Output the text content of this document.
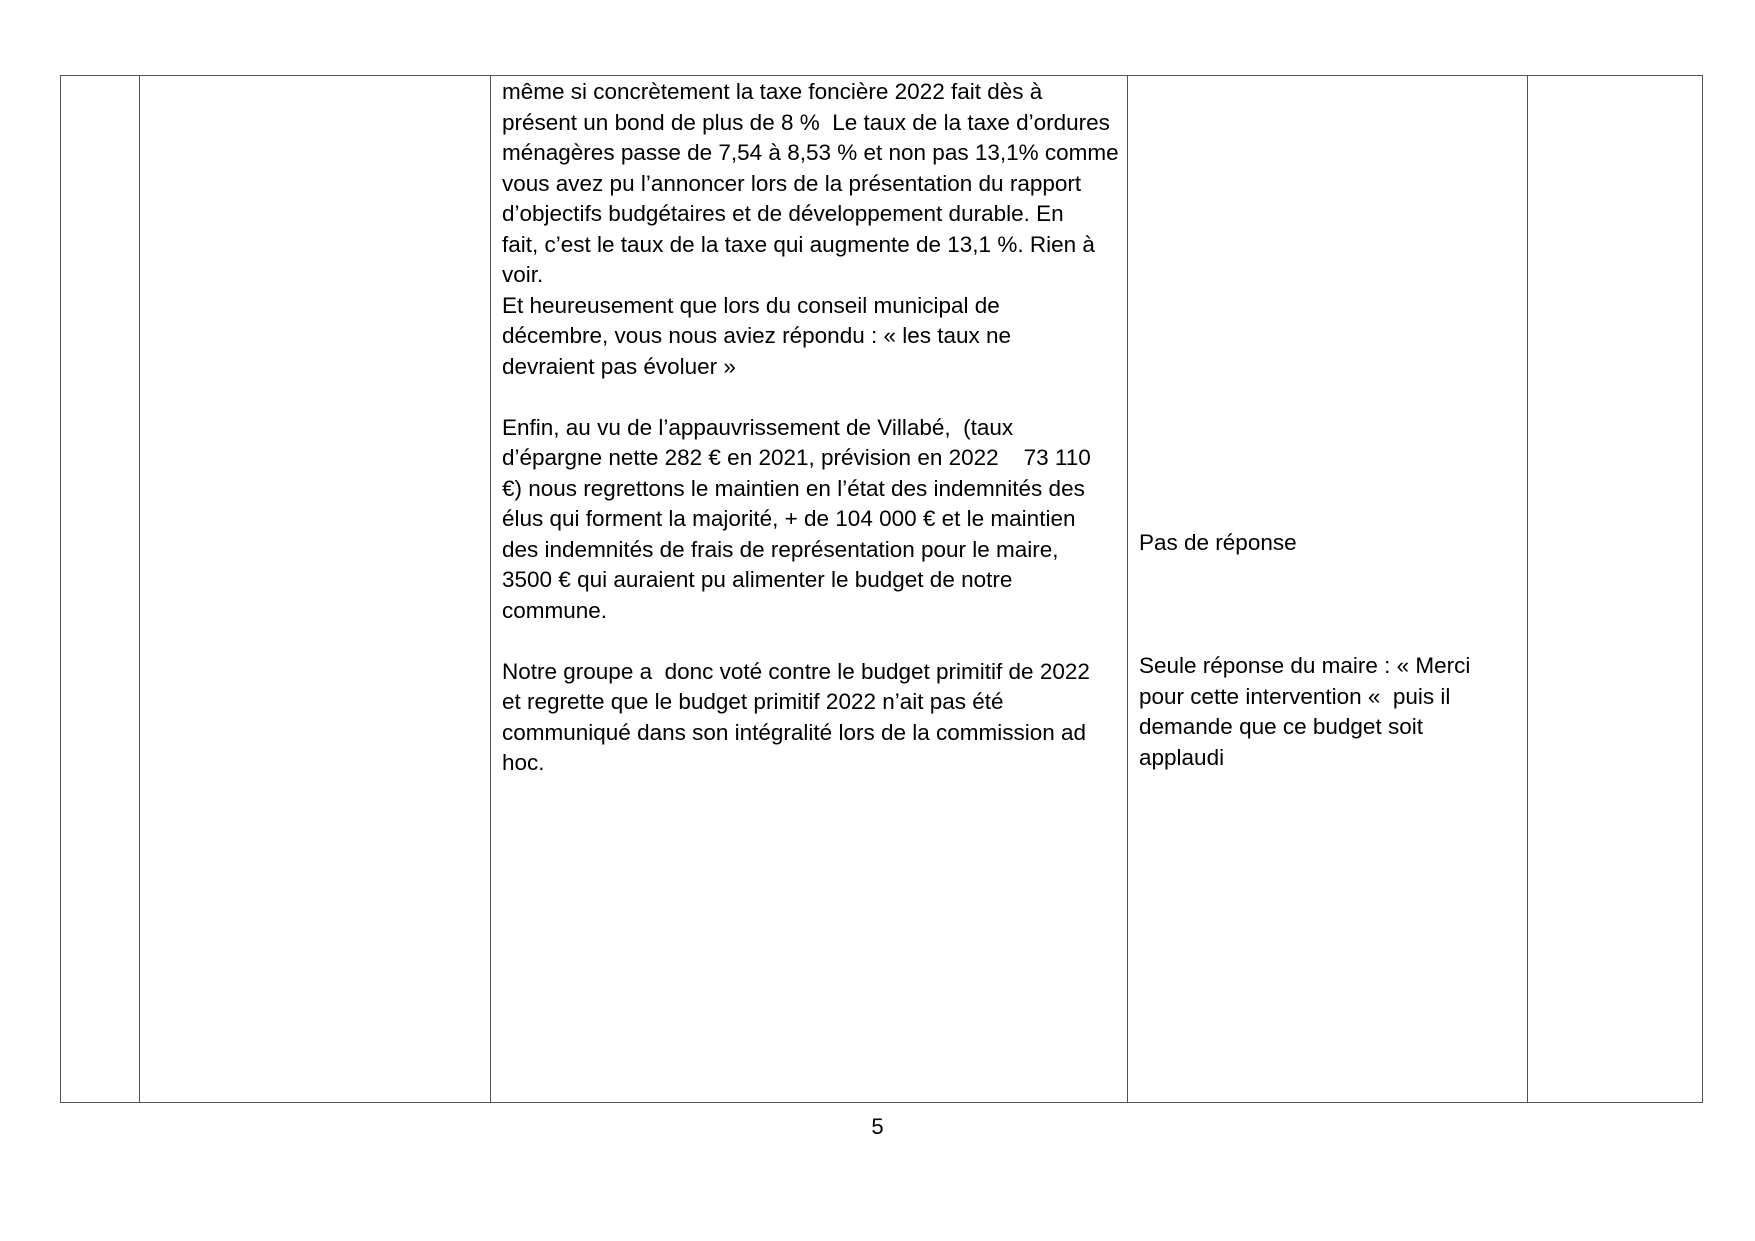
même si concrètement la taxe foncière 2022 fait dès à
présent un bond de plus de 8 %  Le taux de la taxe d’ordures
ménagères passe de 7,54 à 8,53 % et non pas 13,1% comme
vous avez pu l’annoncer lors de la présentation du rapport
d’objectifs budgétaires et de développement durable. En
fait, c’est le taux de la taxe qui augmente de 13,1 %. Rien à
voir.
Et heureusement que lors du conseil municipal de
décembre, vous nous aviez répondu : « les taux ne
devraient pas évoluer »
Enfin, au vu de l’appauvrissement de Villabé,  (taux
d’épargne nette 282 € en 2021, prévision en 2022    73 110
€) nous regrettons le maintien en l’état des indemnités des
élus qui forment la majorité, + de 104 000 € et le maintien
des indemnités de frais de représentation pour le maire,
3500 € qui auraient pu alimenter le budget de notre
commune.
Notre groupe a  donc voté contre le budget primitif de 2022
et regrette que le budget primitif 2022 n’ait pas été
communiqué dans son intégralité lors de la commission ad
hoc.
Pas de réponse
Seule réponse du maire : « Merci
pour cette intervention «  puis il
demande que ce budget soit
applaudi
5
